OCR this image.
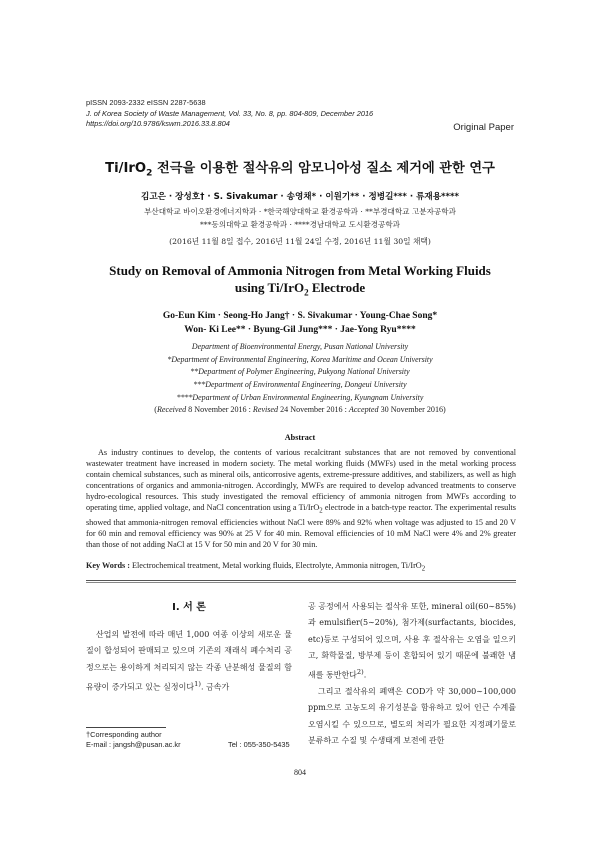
pISSN 2093-2332 eISSN 2287-5638
J. of Korea Society of Waste Management, Vol. 33, No. 8, pp. 804-809, December 2016
https://doi.org/10.9786/kswm.2016.33.8.804	Original Paper
Ti/IrO$_2$ 전극을 이용한 절삭유의 암모니아성 질소 제거에 관한 연구
김고은 · 장성호† · S. Sivakumar · 송영채* · 이원기** · 정병길*** · 류재용****
부산대학교 바이오환경에너지학과 · *한국해양대학교 환경공학과 · **부경대학교 고분자공학과
***동의대학교 환경공학과 · ****경남대학교 도시환경공학과
(2016년 11월 8일 접수, 2016년 11월 24일 수정, 2016년 11월 30일 채택)
Study on Removal of Ammonia Nitrogen from Metal Working Fluids
using Ti/IrO$_2$ Electrode
Go-Eun Kim · Seong-Ho Jang† · S. Sivakumar · Young-Chae Song*
Won- Ki Lee** · Byung-Gil Jung*** · Jae-Yong Ryu****
Department of Bioenvironmental Energy, Pusan National University
*Department of Environmental Engineering, Korea Maritime and Ocean University
**Department of Polymer Engineering, Pukyong National University
***Department of Environmental Engineering, Dongeui University
****Department of Urban Environmental Engineering, Kyungnam University
(Received 8 November 2016 : Revised 24 November 2016 : Accepted 30 November 2016)
Abstract
As industry continues to develop, the contents of various recalcitrant substances that are not removed by conventional wastewater treatment have increased in modern society. The metal working fluids (MWFs) used in the metal working process contain chemical substances, such as mineral oils, anticorrosive agents, extreme-pressure additives, and stabilizers, as well as high concentrations of organics and ammonia-nitrogen. Accordingly, MWFs are required to develop advanced treatments to conserve hydro-ecological resources. This study investigated the removal efficiency of ammonia nitrogen from MWFs according to operating time, applied voltage, and NaCl concentration using a Ti/IrO$_2$ electrode in a batch-type reactor. The experimental results showed that ammonia-nitrogen removal efficiencies without NaCl were 89% and 92% when voltage was adjusted to 15 and 20 V for 60 min and removal efficiency was 90% at 25 V for 40 min. Removal efficiencies of 10 mM NaCl were 4% and 2% greater than those of not adding NaCl at 15 V for 50 min and 20 V for 30 min.
Key Words : Electrochemical treatment, Metal working fluids, Electrolyte, Ammonia nitrogen, Ti/IrO$_2$
I. 서 론
산업의 발전에 따라 매년 1,000 여종 이상의 새로운 물질이 합성되어 판매되고 있으며 기존의 재래식 폐수처리 공정으로는 용이하게 처리되지 않는 각종 난분해성 물질의 함유량이 증가되고 있는 실정이다$^{1)}$. 금속가

공 공정에서 사용되는 절삭유 또한, mineral oil(60∼85%)과 emulsifier(5∼20%), 첨가제(surfactants, biocides, etc)등로 구성되어 있으며, 사용 후 절삭유는 오염을 일으키고, 화학물질, 방부제 등이 혼합되어 있기 때문에 불쾌한 냄새를 동반한다$^{2)}$.

그리고 절삭유의 폐액은 COD가 약 30,000∼100,000 ppm으로 고농도의 유기성분을 함유하고 있어 인근 수계를 오염시킬 수 있으므로, 별도의 처리가 필요한 지정폐기물로 분류하고 수질 및 수생태계 보전에 관한

†Corresponding author
E-mail : jangsh@pusan.ac.kr	Tel : 055-350-5435
804
